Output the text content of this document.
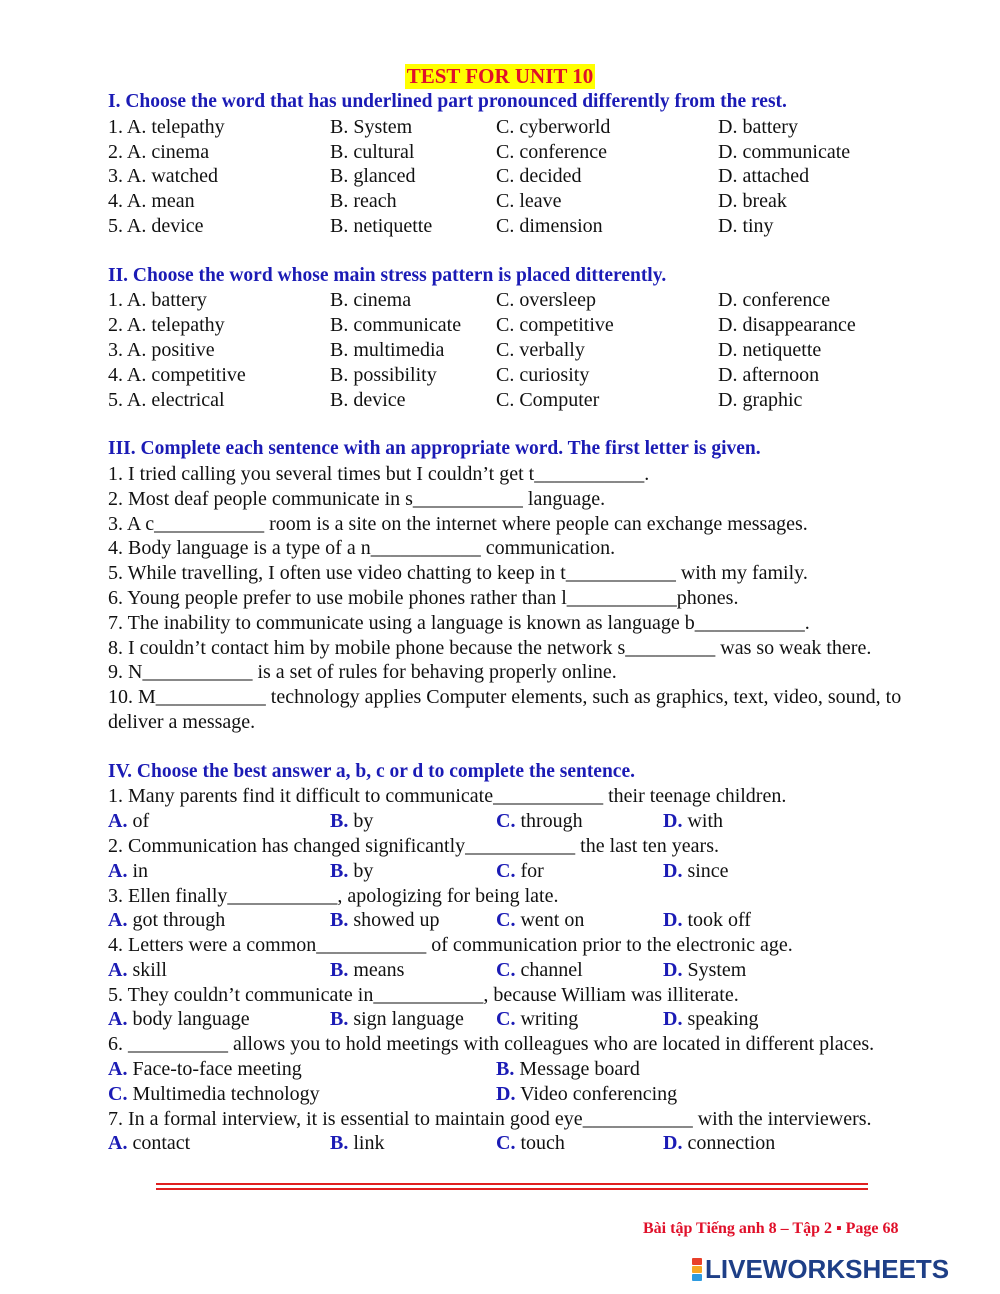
TEST FOR UNIT 10
I. Choose the word that has underlined part pronounced differently from the rest.
1. A. telepathy	B. System	C. cyberworld	D. battery
2. A. cinema	B. cultural	C. conference	D. communicate
3. A. watched	B. glanced	C. decided	D. attached
4. A. mean	B. reach	C. leave	D. break
5. A. device	B. netiquette	C. dimension	D. tiny
II. Choose the word whose main stress pattern is placed ditterently.
1. A. battery	B. cinema	C. oversleep	D. conference
2. A. telepathy	B. communicate C. competitive	D. disappearance
3. A. positive	B. multimedia	C. verbally	D. netiquette
4. A. competitive	B. possibility	C. curiosity	D. afternoon
5. A. electrical	B. device	C. Computer	D. graphic
III. Complete each sentence with an appropriate word. The first letter is given.
1. I tried calling you several times but I couldn’t get t___________.
2. Most deaf people communicate in s___________ language.
3. A c___________ room is a site on the internet where people can exchange messages.
4. Body language is a type of a n___________ communication.
5. While travelling, I often use video chatting to keep in t___________ with my family.
6. Young people prefer to use mobile phones rather than l___________phones.
7. The inability to communicate using a language is known as language b___________.
8. I couldn’t contact him by mobile phone because the network s_________ was so weak there.
9. N___________ is a set of rules for behaving properly online.
10. M___________ technology applies Computer elements, such as graphics, text, video, sound, to deliver a message.
IV. Choose the best answer a, b, c or d to complete the sentence.
1. Many parents find it difficult to communicate___________ their teenage children.
A. of	B. by	C. through	D. with
2. Communication has changed significantly___________ the last ten years.
A. in	B. by	C. for	D. since
3. Ellen finally___________, apologizing for being late.
A. got through	B. showed up	C. went on	D. took off
4. Letters were a common___________ of communication prior to the electronic age.
A. skill	B. means	C. channel	D. System
5. They couldn’t communicate in___________, because William was illiterate.
A. body language	B. sign language C. writing	D. speaking
6. __________ allows you to hold meetings with colleagues who are located in different places.
A. Face-to-face meeting	B. Message board
C. Multimedia technology	D. Video conferencing
7. In a formal interview, it is essential to maintain good eye___________ with the interviewers.
A. contact	B. link	C. touch	D. connection
Bài tập Tiếng anh 8 – Tập 2 ▪ Page 68
LIVEWORKSHEETS
